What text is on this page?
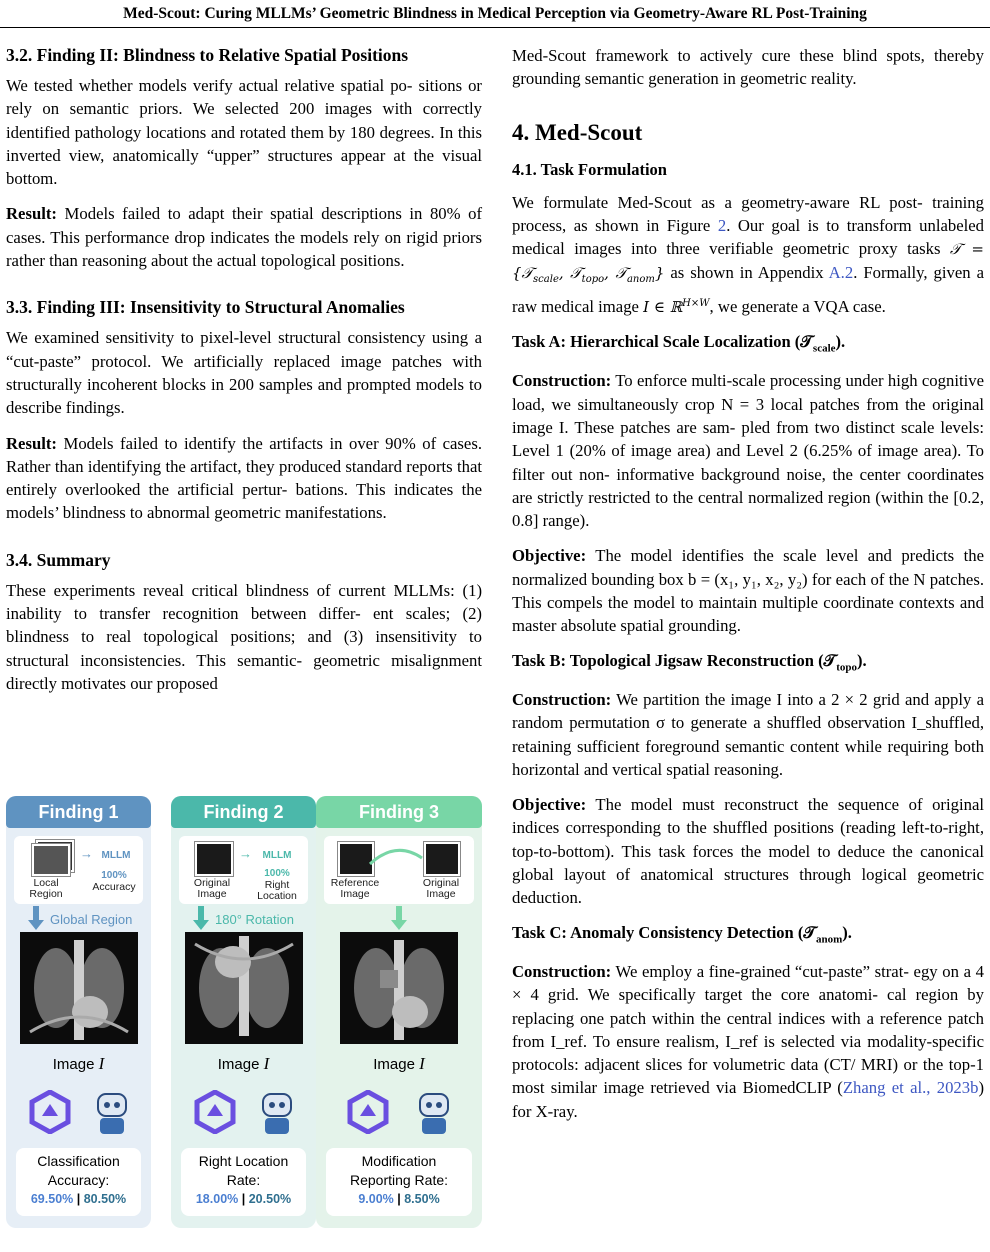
Med-Scout: Curing MLLMs’ Geometric Blindness in Medical Perception via Geometry-Aware RL Post-Training
3.2. Finding II: Blindness to Relative Spatial Positions

We tested whether models verify actual relative spatial po- sitions or rely on semantic priors. We selected 200 images with correctly identified pathology locations and rotated them by 180 degrees. In this inverted view, anatomically “upper” structures appear at the visual bottom.

Result: Models failed to adapt their spatial descriptions in 80% of cases. This performance drop indicates the models rely on rigid priors rather than reasoning about the actual topological positions.

3.3. Finding III: Insensitivity to Structural Anomalies

We examined sensitivity to pixel-level structural consistency using a “cut-paste” protocol. We artificially replaced image patches with structurally incoherent blocks in 200 samples and prompted models to describe findings.

Result: Models failed to identify the artifacts in over 90% of cases. Rather than identifying the artifact, they produced standard reports that entirely overlooked the artificial pertur- bations. This indicates the models’ blindness to abnormal geometric manifestations.

3.4. Summary

These experiments reveal critical blindness of current MLLMs: (1) inability to transfer recognition between differ- ent scales; (2) blindness to real topological positions; and (3) insensitivity to structural inconsistencies. This semantic- geometric misalignment directly motivates our proposed

Finding 1
Local Region
→ MLLM
100%
Accuracy
Global Region
Image I
Classification
Accuracy:
69.50% | 80.50%
Finding 2
Original Image
→	MLLM
100%
Right Location
180° Rotation
Image I
Right Location
Rate:
18.00% | 20.50%
Finding 3
Reference Image
Original Image
Image I
Modification
Reporting Rate:
9.00% | 8.50%

Med-Scout framework to actively cure these blind spots, thereby grounding semantic generation in geometric reality.

4. Med-Scout
4.1. Task Formulation

We formulate Med-Scout as a geometry-aware RL post- training process, as shown in Figure 2. Our goal is to transform unlabeled medical images into three verifiable geometric proxy tasks 𝒯 = {𝒯$_{scale}$, 𝒯$_{topo}$, 𝒯$_{anom}$} as shown in Appendix A.2. Formally, given a raw medical image I ∈ ℝ$^{H\times W}$, we generate a VQA case.

Task A: Hierarchical Scale Localization (𝒯$_{scale}$).

Construction: To enforce multi-scale processing under high cognitive load, we simultaneously crop N = 3 local patches from the original image I. These patches are sam- pled from two distinct scale levels: Level 1 (20% of image area) and Level 2 (6.25% of image area). To filter out non- informative background noise, the center coordinates are strictly restricted to the central normalized region (within the [0.2, 0.8] range).

Objective: The model identifies the scale level and predicts the normalized bounding box b = (x₁, y₁, x₂, y₂) for each of the N patches. This compels the model to maintain multiple coordinate contexts and master absolute spatial grounding.

Task B: Topological Jigsaw Reconstruction (𝒯$_{topo}$).

Construction: We partition the image I into a 2 × 2 grid and apply a random permutation σ to generate a shuffled observation I_shuffled, retaining sufficient foreground semantic content while requiring both horizontal and vertical spatial reasoning.

Objective: The model must reconstruct the sequence of original indices corresponding to the shuffled positions (reading left-to-right, top-to-bottom). This task forces the model to deduce the canonical global layout of anatomical structures through logical geometric deduction.

Task C: Anomaly Consistency Detection (𝒯$_{anom}$).

Construction: We employ a fine-grained “cut-paste” strat- egy on a 4 × 4 grid. We specifically target the core anatomi- cal region by replacing one patch within the central indices with a reference patch from I_ref. To ensure realism, I_ref is selected via modality-specific protocols: adjacent slices for volumetric data (CT/ MRI) or the top-1 most similar image retrieved via BiomedCLIP (Zhang et al., 2023b) for X-ray.
